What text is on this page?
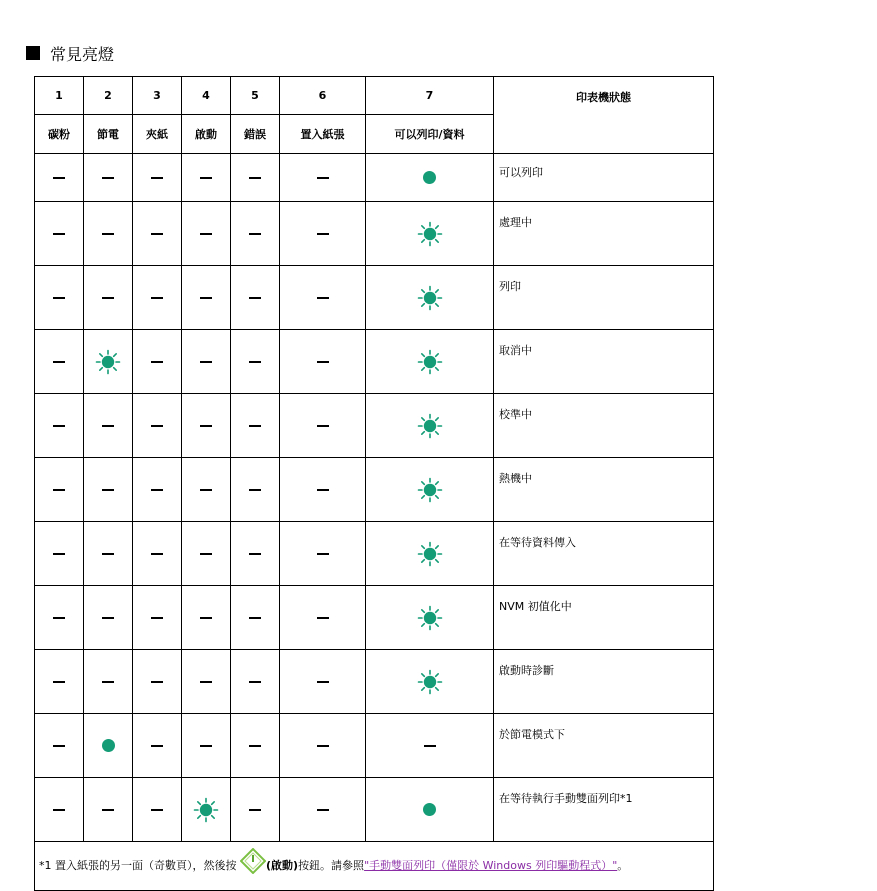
常見亮燈
1	2	3	4	5	6	7	印表機狀態
碳粉	節電	夾紙	啟動	錯誤	置入紙張	可以列印/資料	
							可以列印
							處理中
							列印
							取消中
							校準中
							熱機中
							在等待資料傳入
							NVM 初值化中
							啟動時診斷
							於節電模式下
							在等待執行手動雙面列印*1
*1 置入紙張的另一面（奇數頁），然後按 (啟動)按鈕。請參照"手動雙面列印（僅限於 Windows 列印驅動程式）"。							
